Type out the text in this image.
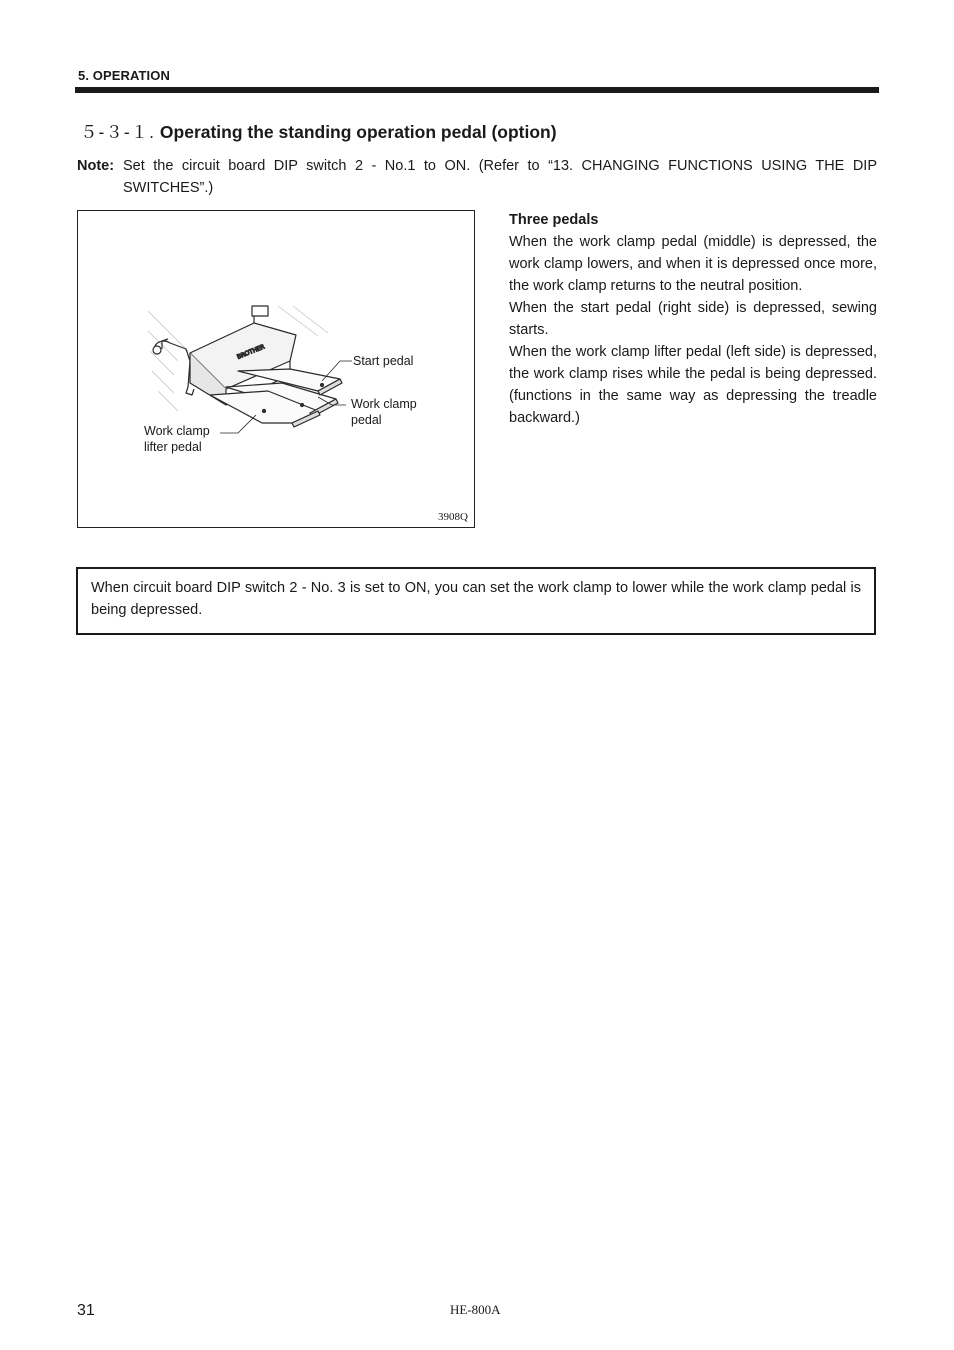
5. OPERATION
５-３-１. Operating the standing operation pedal (option)
Note: Set the circuit board DIP switch 2 - No.1 to ON. (Refer to “13. CHANGING FUNCTIONS USING THE DIP SWITCHES”.)
BROTHER
Start pedal
Work clamp
pedal
Work clamp
lifter pedal
3908Q

Three pedals

When the work clamp pedal (middle) is depressed, the work clamp lowers, and when it is depressed once more, the work clamp returns to the neutral position.

When the start pedal (right side) is depressed, sewing starts.

When the work clamp lifter pedal (left side) is depressed, the work clamp rises while the pedal is being depressed. (functions in the same way as depressing the treadle backward.)

When circuit board DIP switch 2 - No. 3 is set to ON, you can set the work clamp to lower while the work clamp pedal is being depressed.
31	HE-800A
